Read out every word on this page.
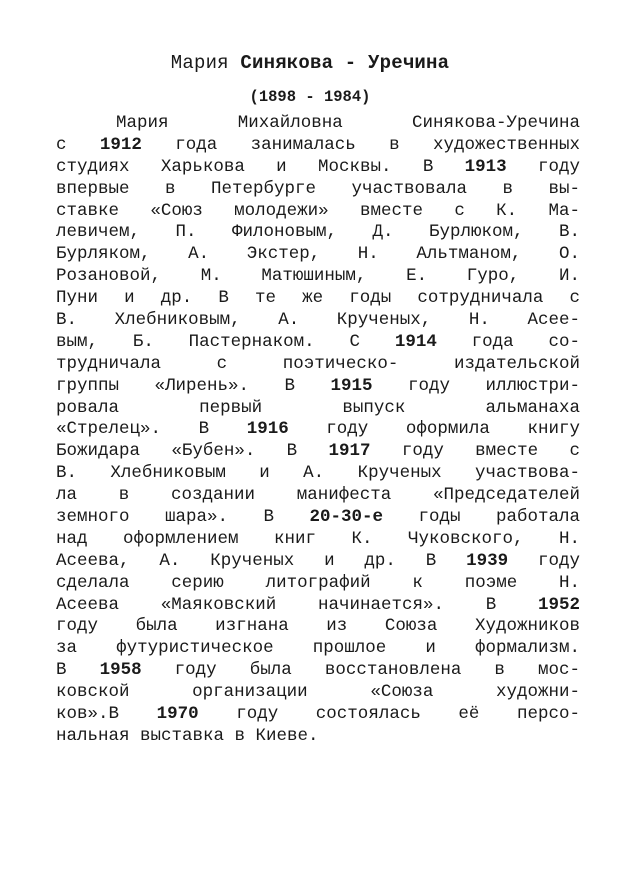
Мария Синякова - Уречина
(1898 - 1984)
Мария Михайловна Синякова-Уречина
с 1912 года занималась в художественных
студиях Харькова и Москвы. В 1913 году
впервые в Петербурге участвовала в вы-
ставке «Союз молодежи» вместе с К. Ма-
левичем, П. Филоновым, Д. Бурлюком, В.
Бурляком, А. Экстер, Н. Альтманом, О.
Розановой, М. Матюшиным, Е. Гуро, И.
Пуни и др. В те же годы сотрудничала с
В. Хлебниковым, А. Крученых, Н. Асее-
вым, Б. Пастернаком. С 1914 года со-
трудничала с поэтическо- издательской
группы «Лирень». В 1915 году иллюстри-
ровала первый выпуск альманаха
«Стрелец». В 1916 году оформила книгу
Божидара «Бубен». В 1917 году вместе с
В. Хлебниковым и А. Крученых участвова-
ла в создании манифеста «Председателей
земного шара». В 20-30-е годы работала
над оформлением книг К. Чуковского, Н.
Асеева, А. Крученых и др. В 1939 году
сделала серию литографий к поэме Н.
Асеева «Маяковский начинается». В 1952
году была изгнана из Союза Художников
за футуристическое прошлое и формализм.
В 1958 году была восстановлена в мос-
ковской организации «Союза художни-
ков».В 1970 году состоялась её персо-
нальная выставка в Киеве.
